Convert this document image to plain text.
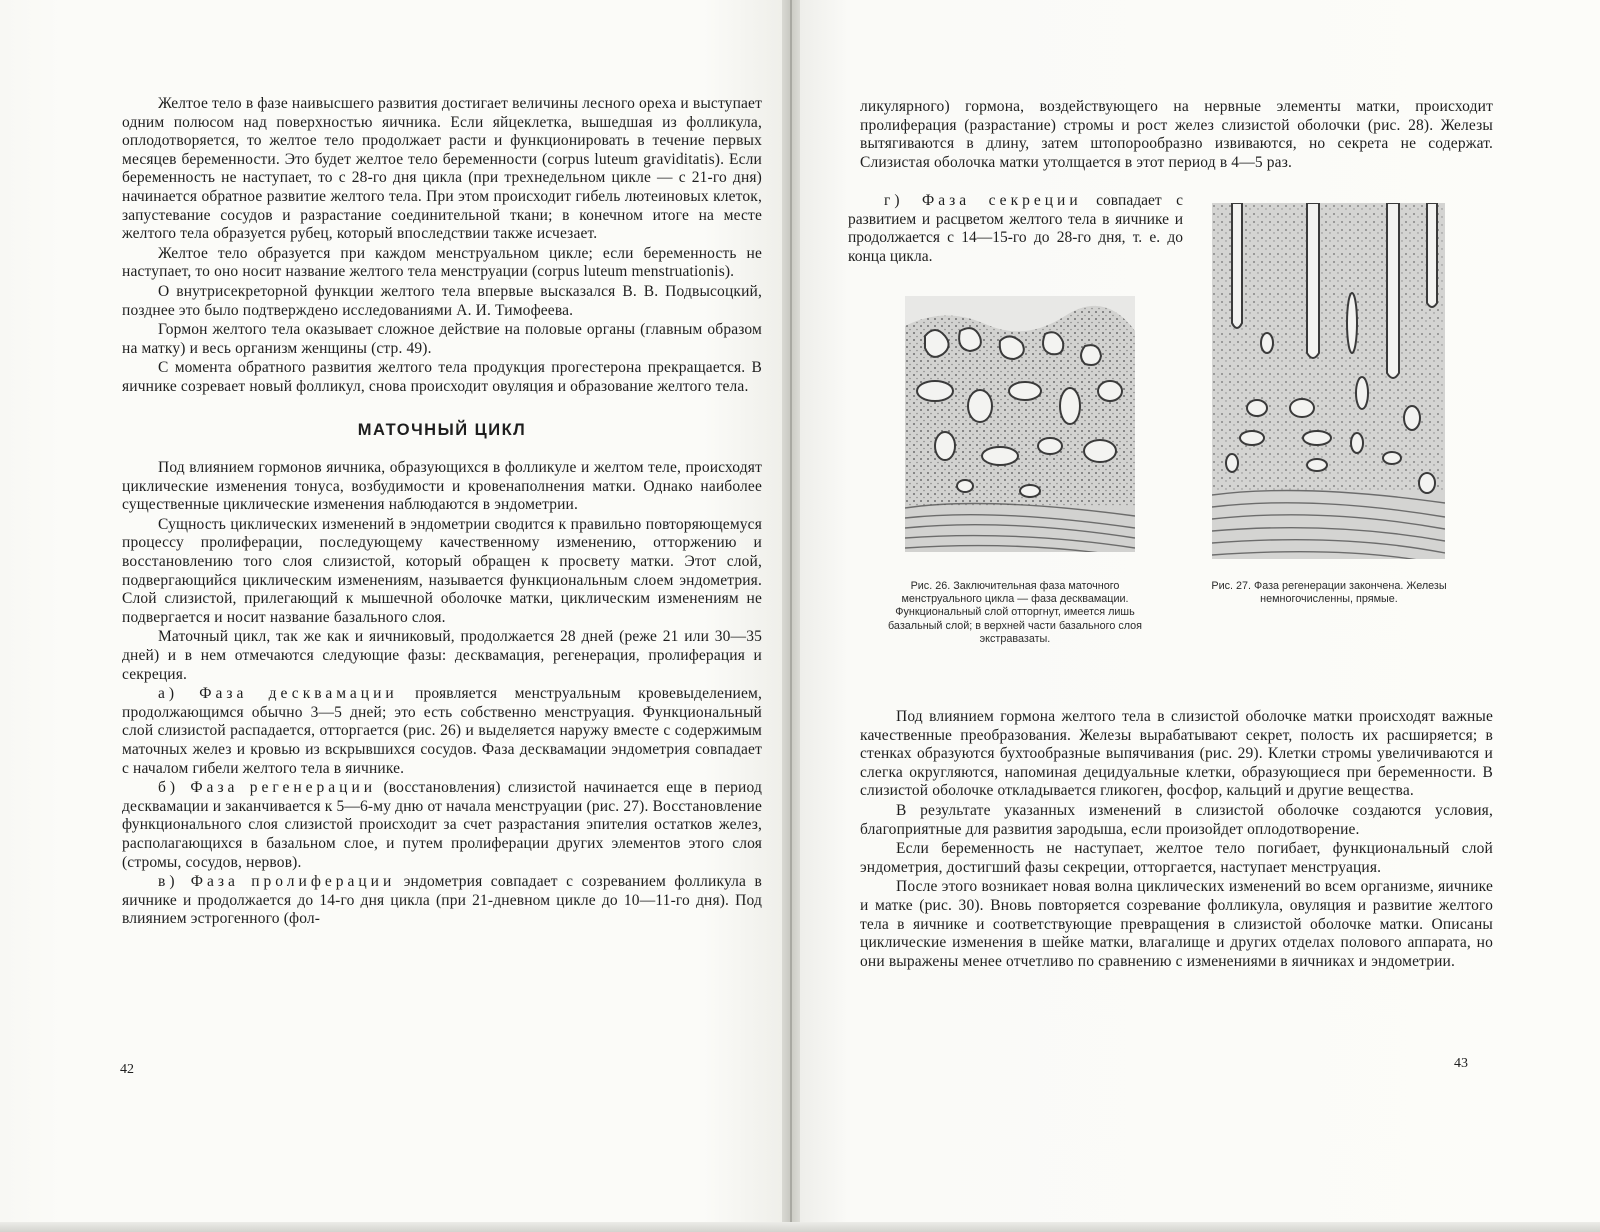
Желтое тело в фазе наивысшего развития достигает величины лесного ореха и выступает одним полюсом над поверхностью яичника. Если яйцеклетка, вышедшая из фолликула, оплодотворяется, то желтое тело продолжает расти и функционировать в течение первых месяцев беременности. Это будет желтое тело беременности (corpus luteum graviditatis). Если беременность не наступает, то с 28-го дня цикла (при трехнедельном цикле — с 21-го дня) начинается обратное развитие желтого тела. При этом происходит гибель лютеиновых клеток, запустевание сосудов и разрастание соединительной ткани; в конечном итоге на месте желтого тела образуется рубец, который впоследствии также исчезает.

Желтое тело образуется при каждом менструальном цикле; если беременность не наступает, то оно носит название желтого тела менструации (corpus luteum menstruationis).

О внутрисекреторной функции желтого тела впервые высказался В. В. Подвысоцкий, позднее это было подтверждено исследованиями А. И. Тимофеева.

Гормон желтого тела оказывает сложное действие на половые органы (главным образом на матку) и весь организм женщины (стр. 49).

С момента обратного развития желтого тела продукция прогестерона прекращается. В яичнике созревает новый фолликул, снова происходит овуляция и образование желтого тела.

МАТОЧНЫЙ ЦИКЛ

Под влиянием гормонов яичника, образующихся в фолликуле и желтом теле, происходят циклические изменения тонуса, возбудимости и кровенаполнения матки. Однако наиболее существенные циклические изменения наблюдаются в эндометрии.

Сущность циклических изменений в эндометрии сводится к правильно повторяющемуся процессу пролиферации, последующему качественному изменению, отторжению и восстановлению того слоя слизистой, который обращен к просвету матки. Этот слой, подвергающийся циклическим изменениям, называется функциональным слоем эндометрия. Слой слизистой, прилегающий к мышечной оболочке матки, циклическим изменениям не подвергается и носит название базального слоя.

Маточный цикл, так же как и яичниковый, продолжается 28 дней (реже 21 или 30—35 дней) и в нем отмечаются следующие фазы: десквамация, регенерация, пролиферация и секреция.

а) Фаза десквамации проявляется менструальным кровевыделением, продолжающимся обычно 3—5 дней; это есть собственно менструация. Функциональный слой слизистой распадается, отторгается (рис. 26) и выделяется наружу вместе с содержимым маточных желез и кровью из вскрывшихся сосудов. Фаза десквамации эндометрия совпадает с началом гибели желтого тела в яичнике.

б) Фаза регенерации (восстановления) слизистой начинается еще в период десквамации и заканчивается к 5—6-му дню от начала менструации (рис. 27). Восстановление функционального слоя слизистой происходит за счет разрастания эпителия остатков желез, располагающихся в базальном слое, и путем пролиферации других элементов этого слоя (стромы, сосудов, нервов).

в) Фаза пролиферации эндометрия совпадает с созреванием фолликула в яичнике и продолжается до 14-го дня цикла (при 21-дневном цикле до 10—11-го дня). Под влиянием эстрогенного (фол-

42

ликулярного) гормона, воздействующего на нервные элементы матки, происходит пролиферация (разрастание) стромы и рост желез слизистой оболочки (рис. 28). Железы вытягиваются в длину, затем штопорообразно извиваются, но секрета не содержат. Слизистая оболочка матки утолщается в этот период в 4—5 раз.

г) Фаза секреции совпадает с развитием и расцветом желтого тела в яичнике и продолжается с 14—15-го до 28-го дня, т. е. до конца цикла.

Рис. 26. Заключительная фаза маточного менструального цикла — фаза десквамации. Функциональный слой отторгнут, имеется лишь базальный слой; в верхней части базального слоя экстравазаты.
Рис. 27. Фаза регенерации закончена. Железы немногочисленны, прямые.

Под влиянием гормона желтого тела в слизистой оболочке матки происходят важные качественные преобразования. Железы вырабатывают секрет, полость их расширяется; в стенках образуются бухтообразные выпячивания (рис. 29). Клетки стромы увеличиваются и слегка округляются, напоминая децидуальные клетки, образующиеся при беременности. В слизистой оболочке откладывается гликоген, фосфор, кальций и другие вещества.

В результате указанных изменений в слизистой оболочке создаются условия, благоприятные для развития зародыша, если произойдет оплодотворение.

Если беременность не наступает, желтое тело погибает, функциональный слой эндометрия, достигший фазы секреции, отторгается, наступает менструация.

После этого возникает новая волна циклических изменений во всем организме, яичнике и матке (рис. 30). Вновь повторяется созревание фолликула, овуляция и развитие желтого тела в яичнике и соответствующие превращения в слизистой оболочке матки. Описаны циклические изменения в шейке матки, влагалище и других отделах полового аппарата, но они выражены менее отчетливо по сравнению с изменениями в яичниках и эндометрии.

43
